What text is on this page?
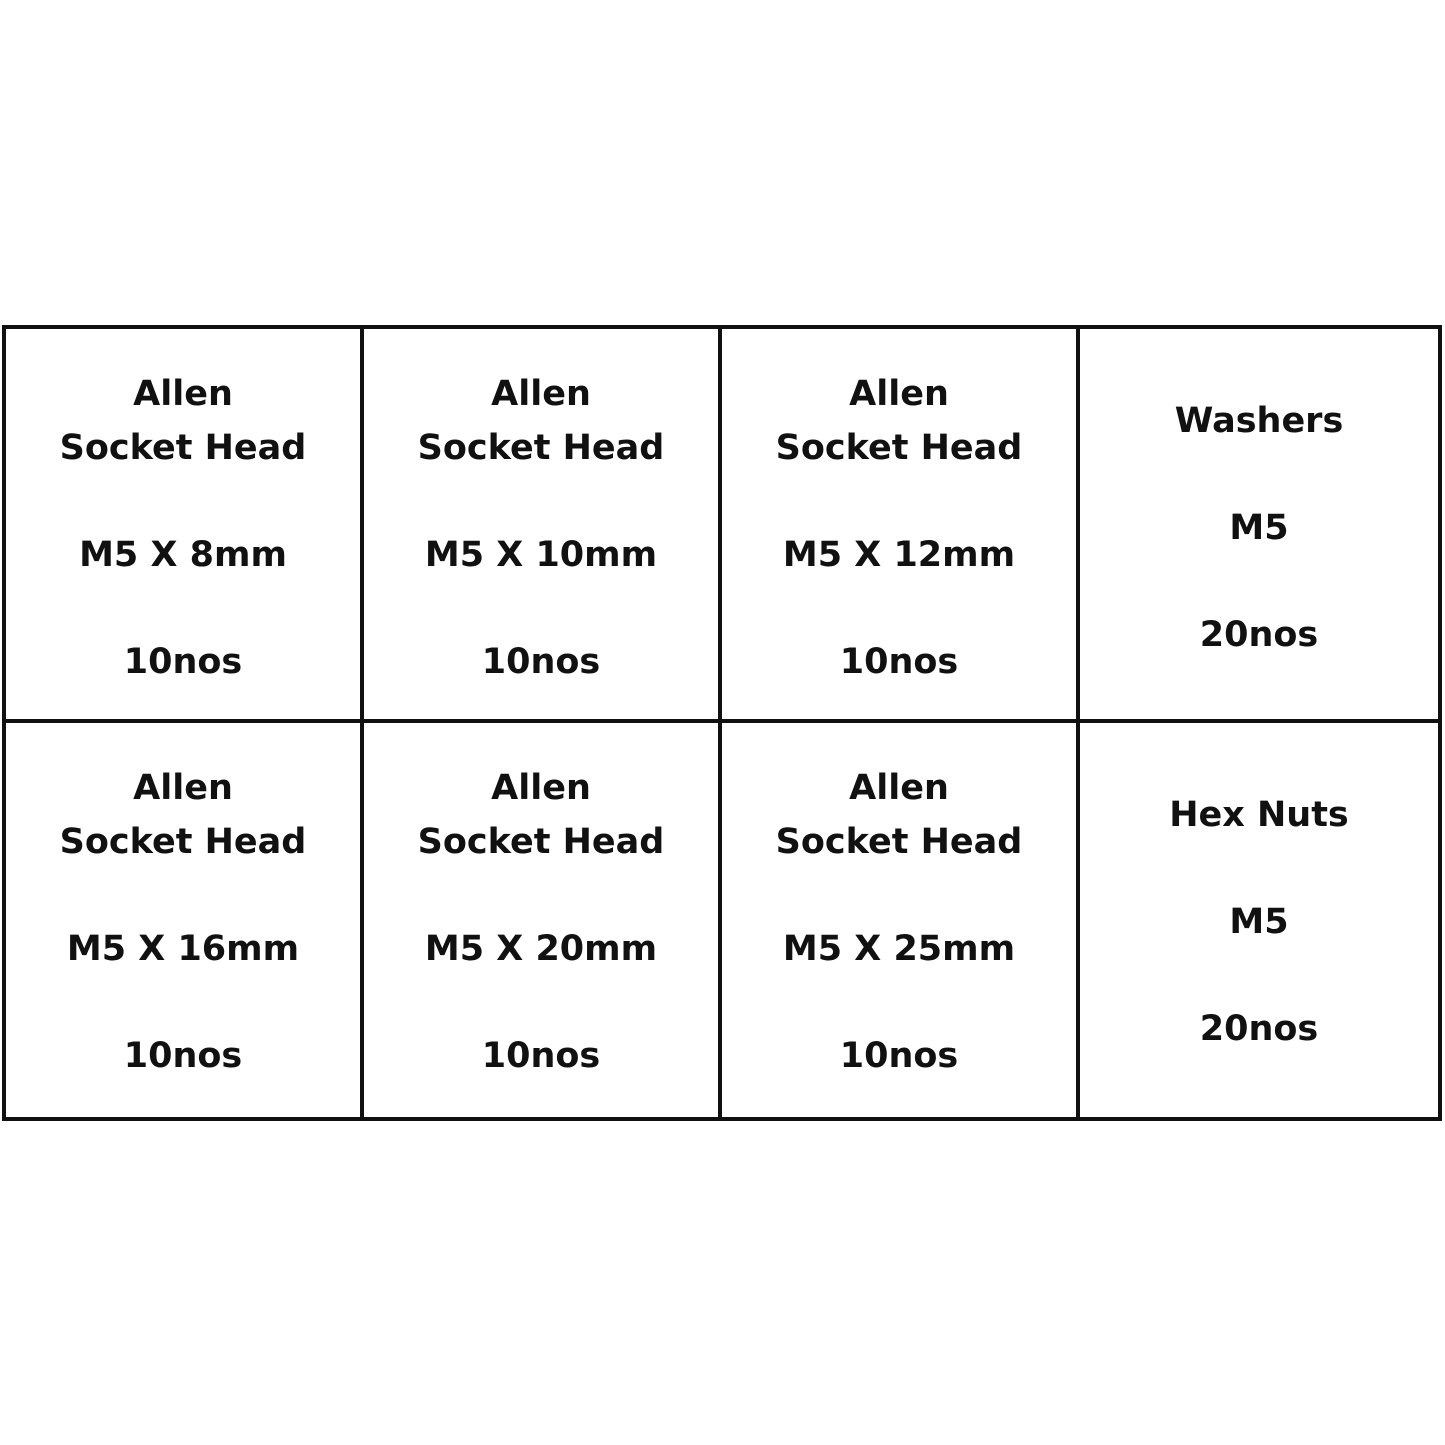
Allen
Socket Head
M5 X 8mm
10nos
Allen
Socket Head
M5 X 10mm
10nos
Allen
Socket Head
M5 X 12mm
10nos
Washers
M5
20nos
Allen
Socket Head
M5 X 16mm
10nos
Allen
Socket Head
M5 X 20mm
10nos
Allen
Socket Head
M5 X 25mm
10nos
Hex Nuts
M5
20nos
